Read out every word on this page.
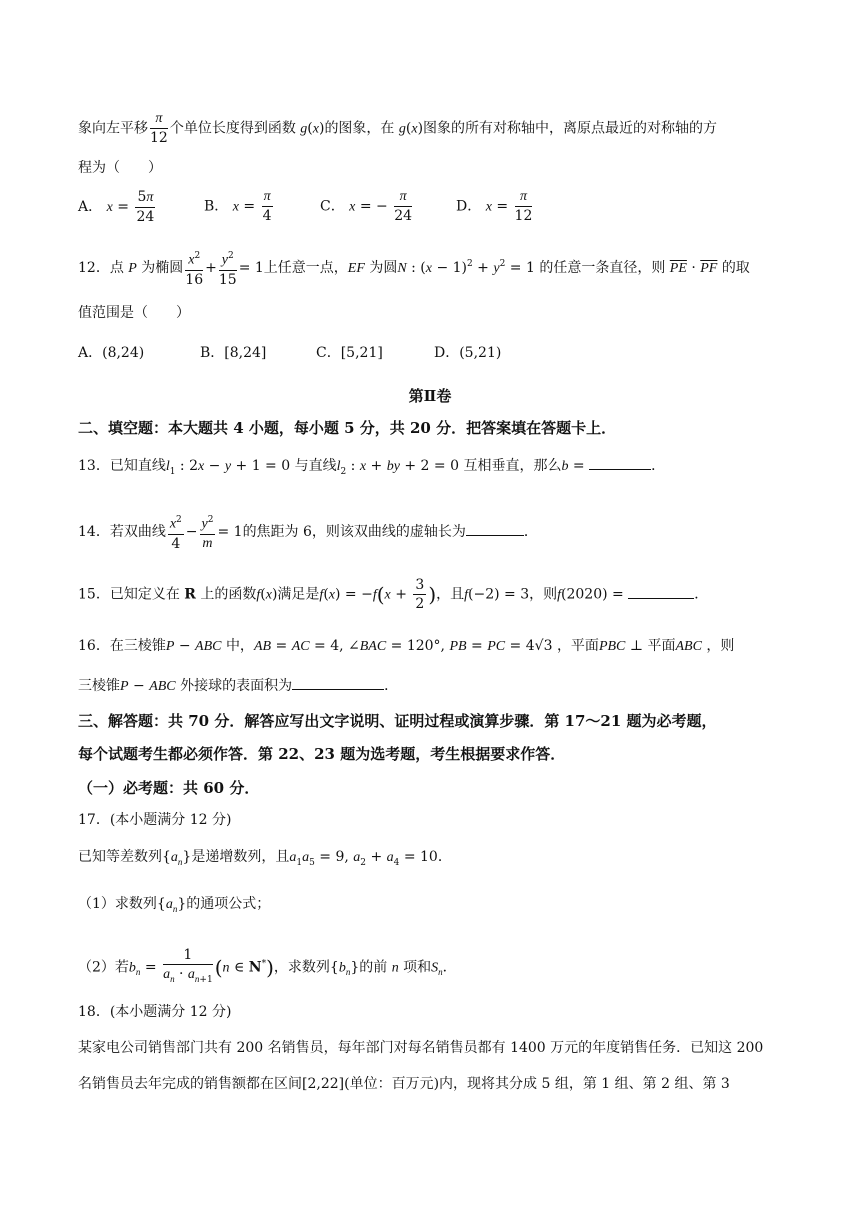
象向左平移 $\frac{\pi}{12}$ 个单位长度得到函数 g(x)的图象，在 g(x)图象的所有对称轴中，离原点最近的对称轴的方
程为（　　）
A． $x = \frac{5\pi}{24}$	B． $x = \frac{\pi}{4}$	C． x = − $\frac{\pi}{24}$	D． $x = \frac{\pi}{12}$
12．点 P 为椭圆 $\frac{x^2}{16} + \frac{y^2}{15} = 1$上任意一点，EF 为圆N : $(x - 1)^2 + y^2 = 1$ 的任意一条直径，则 $\overline{PE} \cdot \overline{PF}$ 的取
值范围是（　　）
A．(8,24)	B．[8,24]	C．[5,21]	D．(5,21)
第Ⅱ卷
二、填空题：本大题共 4 小题，每小题 5 分，共 20 分．把答案填在答题卡上．
13．已知直线$l_1$ : 2x − y + 1 = 0 与直线$l_2$ : x + by + 2 = 0 互相垂直，那么b =	．
14．若双曲线 $\frac{x^2}{4} - \frac{y^2}{m} = 1$的焦距为 6，则该双曲线的虚轴长为	．
15．已知定义在 R 上的函数f(x)满足是$f(x) = -f(x + \frac{3}{2}$ )，且f(−2) = 3，则f(2020) =	．
16．在三棱锥P − ABC 中，AB = AC = 4, ∠BAC = 120°, PB = PC = 4√3 ，平面PBC ⊥ 平面ABC ，则
三棱锥P − ABC 外接球的表面积为	．
三、解答题：共 70 分．解答应写出文字说明、证明过程或演算步骤．第 17～21 题为必考题，
每个试题考生都必须作答．第 22、23 题为选考题，考生根据要求作答．
（一）必考题：共 60 分．
17．(本小题满分 12 分)
已知等差数列$\{a_n\}$是递增数列，且$a_1a_5 = 9$, $a_2 + a_4 = 10$．
（1）求数列$\{a_n\}$的通项公式；
（2）若$b_n = \frac{1}{a_n \cdot a_{n+1}} (n$ ∈ N*)，求数列$\{b_n\}$的前 n 项和$S_n$．
18．(本小题满分 12 分)
某家电公司销售部门共有 200 名销售员，每年部门对每名销售员都有 1400 万元的年度销售任务．已知这 200
名销售员去年完成的销售额都在区间[2,22](单位：百万元)内，现将其分成 5 组，第 1 组、第 2 组、第 3
